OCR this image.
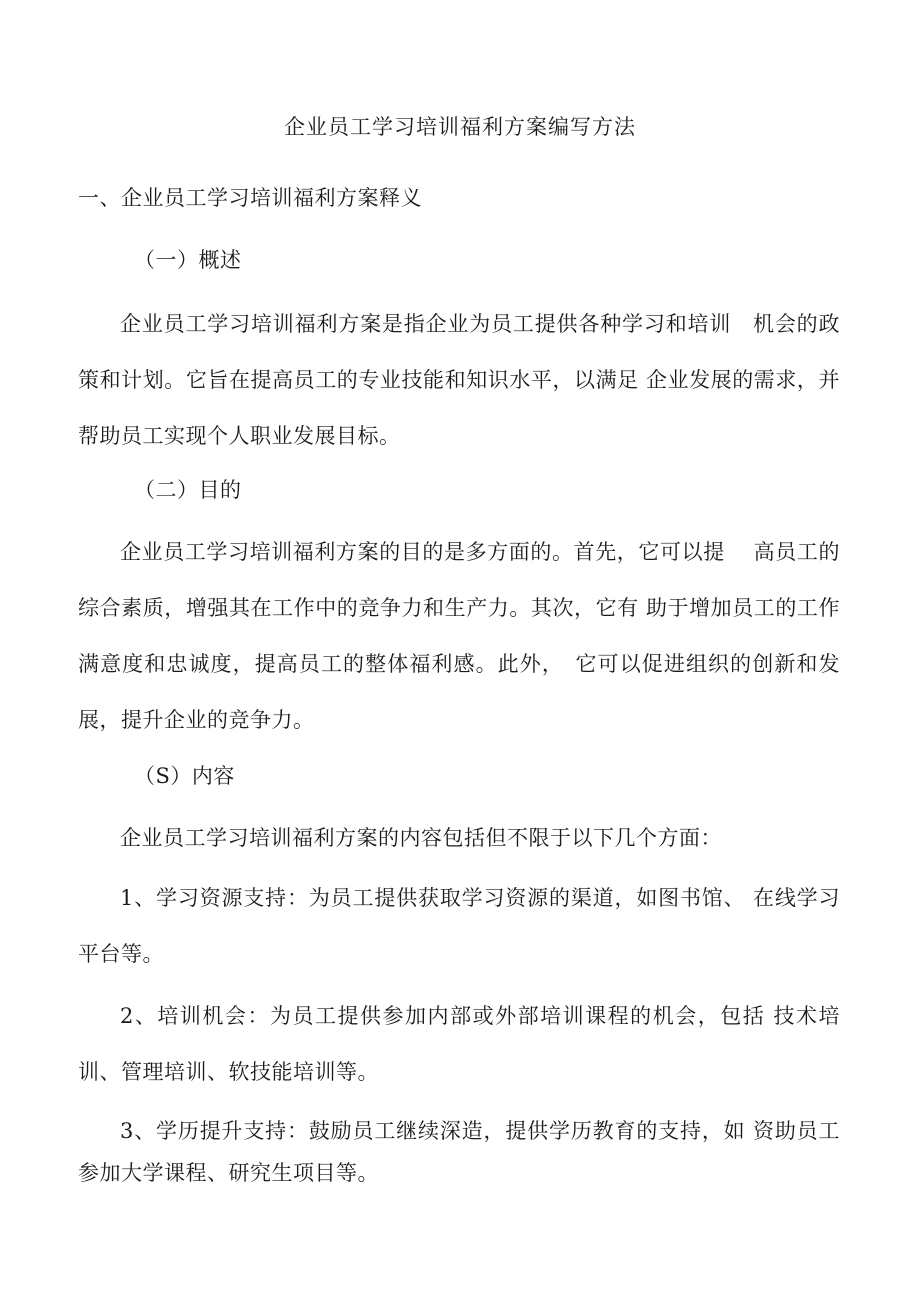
企业员工学习培训福利方案编写方法
一、企业员工学习培训福利方案释义
（一）概述
企业员工学习培训福利方案是指企业为员工提供各种学习和培训　机会的政策和计划。它旨在提高员工的专业技能和知识水平，以满足 企业发展的需求，并帮助员工实现个人职业发展目标。
（二）目的
企业员工学习培训福利方案的目的是多方面的。首先，它可以提　 高员工的综合素质，增强其在工作中的竞争力和生产力。其次，它有 助于增加员工的工作满意度和忠诚度，提高员工的整体福利感。此外，　它可以促进组织的创新和发展，提升企业的竞争力。
（S）内容
企业员工学习培训福利方案的内容包括但不限于以下几个方面：
1、学习资源支持：为员工提供获取学习资源的渠道，如图书馆、 在线学习平台等。
2、培训机会：为员工提供参加内部或外部培训课程的机会，包括 技术培训、管理培训、软技能培训等。
3、学历提升支持：鼓励员工继续深造，提供学历教育的支持，如 资助员工参加大学课程、研究生项目等。
